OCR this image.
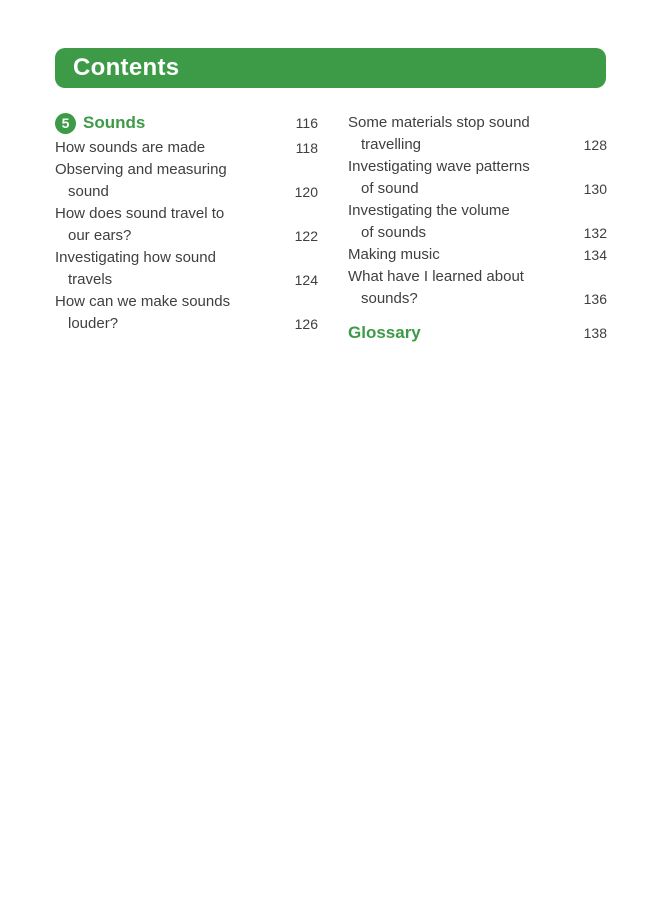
Contents
5 Sounds	116
How sounds are made	118
Observing and measuring
sound	120
How does sound travel to
our ears?	122
Investigating how sound
travels	124
How can we make sounds
louder?	126
Some materials stop sound
travelling	128
Investigating wave patterns
of sound	130
Investigating the volume
of sounds	132
Making music	134
What have I learned about
sounds?	136
Glossary	138
